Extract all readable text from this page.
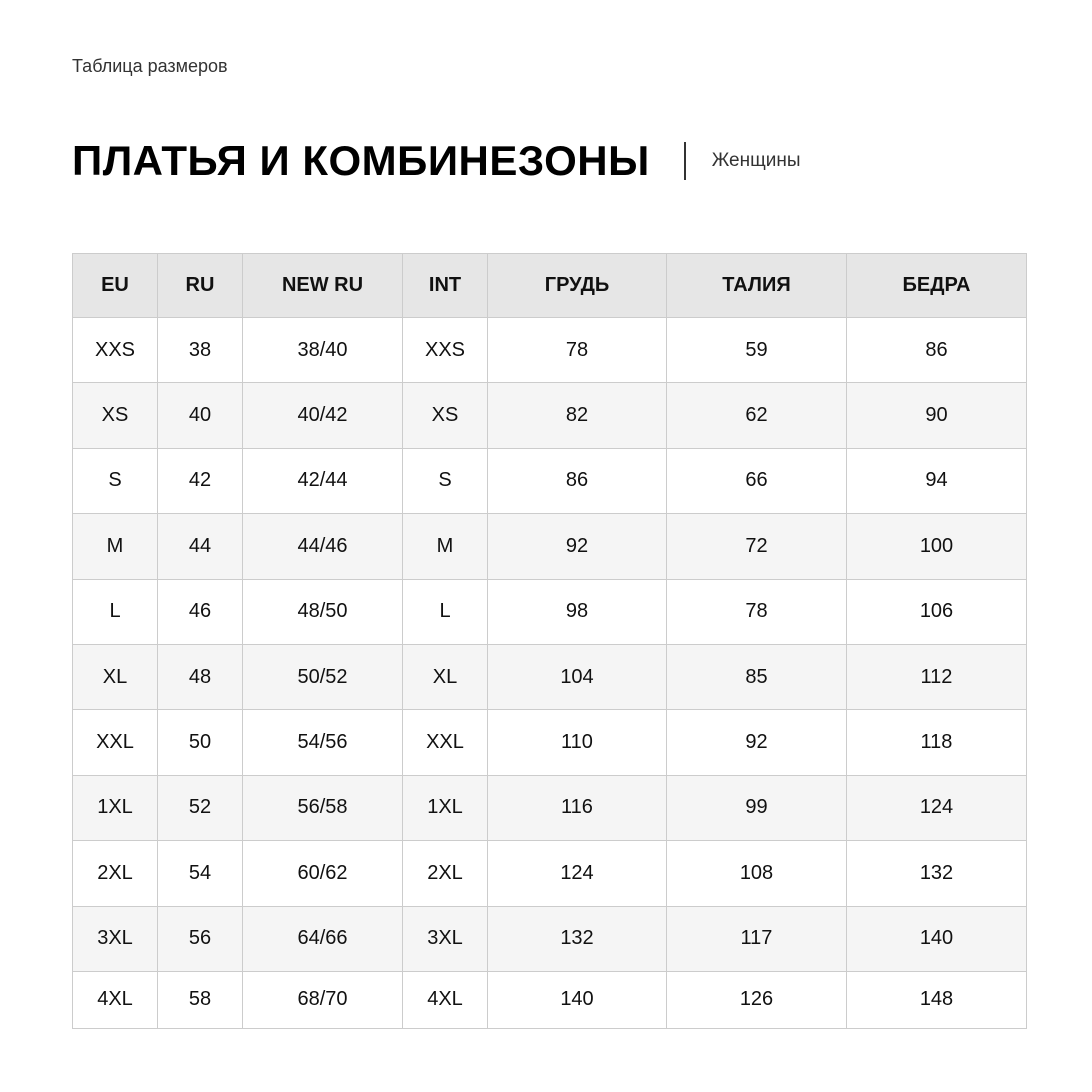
Таблица размеров
ПЛАТЬЯ И КОМБИНЕЗОНЫ	Женщины
EU	RU	NEW RU	INT	ГРУДЬ	ТАЛИЯ	БЕДРА
XXS	38	38/40	XXS	78	59	86
XS	40	40/42	XS	82	62	90
S	42	42/44	S	86	66	94
M	44	44/46	M	92	72	100
L	46	48/50	L	98	78	106
XL	48	50/52	XL	104	85	112
XXL	50	54/56	XXL	110	92	118
1XL	52	56/58	1XL	116	99	124
2XL	54	60/62	2XL	124	108	132
3XL	56	64/66	3XL	132	117	140
4XL	58	68/70	4XL	140	126	148
